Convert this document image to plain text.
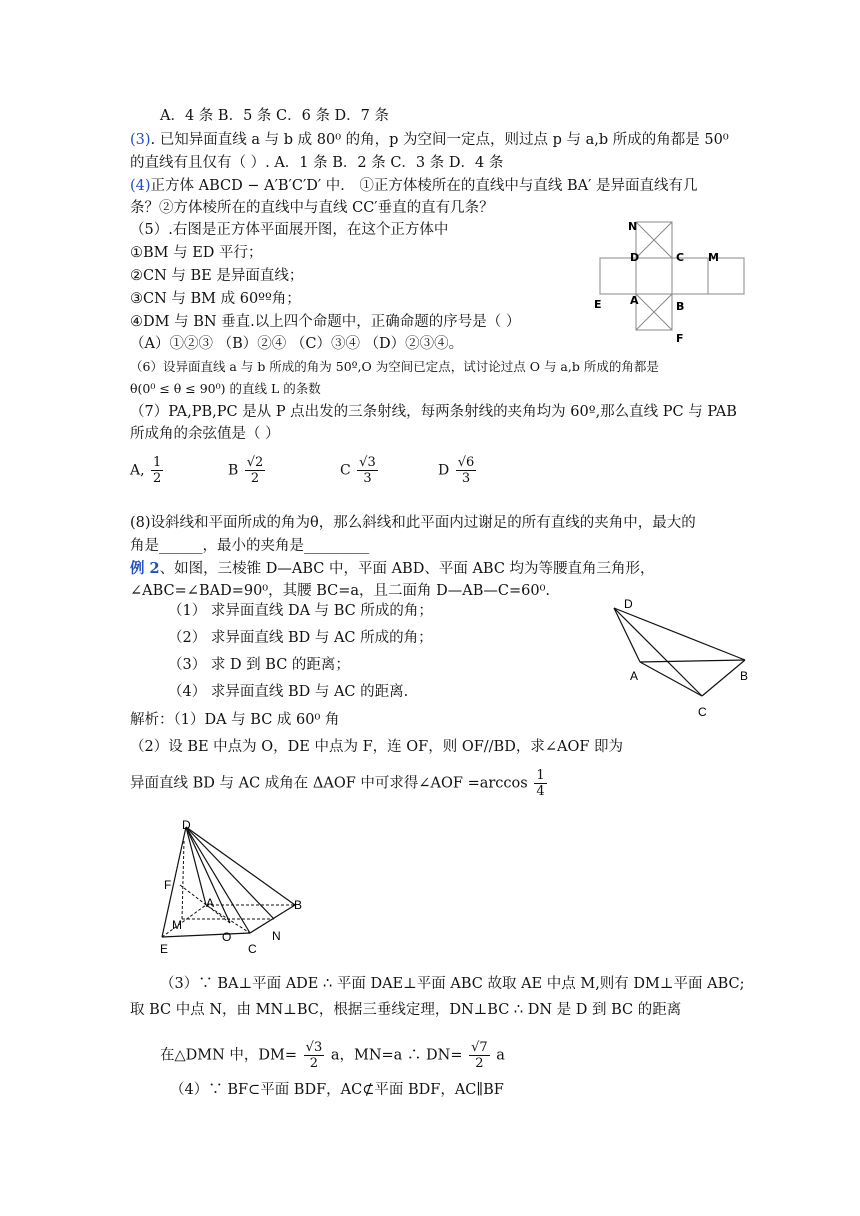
A．4 条 B．5 条 C．6 条 D．7 条
(3). 已知异面直线 a 与 b 成 80⁰ 的角，p 为空间一定点，则过点 p 与 a,b 所成的角都是 50⁰
的直线有且仅有（ ）. A．1 条 B．2 条 C．3 条 D．4 条
(4)正方体 ABCD − A′B′C′D′ 中． ①正方体棱所在的直线中与直线 BA′ 是异面直线有几
条？②方体棱所在的直线中与直线 CC′垂直的直有几条？
（5）.右图是正方体平面展开图，在这个正方体中
①BM 与 ED 平行；
②CN 与 BE 是异面直线；
③CN 与 BM 成 60ºº角；
④DM 与 BN 垂直.以上四个命题中，正确命题的序号是（ ）
（A）①②③ （B）②④ （C）③④ （D）②③④。
（6）设异面直线 a 与 b 所成的角为 50º,O 为空间已定点，试讨论过点 O 与 a,b 所成的角都是
θ(0⁰ ≤ θ ≤ 90⁰) 的直线 L 的条数
（7）PA,PB,PC 是从 P 点出发的三条射线，每两条射线的夹角均为 60º,那么直线 PC 与 PAB
所成角的余弦值是（ ）
A, $\frac{1}{2}$	B $\frac{√2}{2}$	C $\frac{√3}{3}$	D $\frac{√6}{3}$
(8)设斜线和平面所成的角为θ，那么斜线和此平面内过谢足的所有直线的夹角中，最大的
角是______，最小的夹角是_________
例 2、如图，三棱锥 D—ABC 中，平面 ABD、平面 ABC 均为等腰直角三角形，
∠ABC=∠BAD=90⁰，其腰 BC=a，且二面角 D—AB—C=60⁰.
（1） 求异面直线 DA 与 BC 所成的角；
（2） 求异面直线 BD 与 AC 所成的角；
（3） 求 D 到 BC 的距离；
（4） 求异面直线 BD 与 AC 的距离.
解析：（1）DA 与 BC 成 60⁰ 角
（2）设 BE 中点为 O，DE 中点为 F，连 OF，则 OF//BD，求∠AOF 即为
异面直线 BD 与 AC 成角在 ΔAOF 中可求得∠AOF $=\arccos \frac{1}{4}$
（3）∵ BA⊥平面 ADE ∴ 平面 DAE⊥平面 ABC 故取 AE 中点 M,则有 DM⊥平面 ABC;
取 BC 中点 N，由 MN⊥BC，根据三垂线定理，DN⊥BC ∴ DN 是 D 到 BC 的距离
在△DMN 中，$DM= \frac{√3}{2}$ a，MN=a ∴ $DN= \frac{√7}{2}$ a
（4）∵ BF⊂平面 BDF，AC⊄平面 BDF，AC∥BF
N
D	C M
E	A	B
F
D
A	B
C
D
F
A	B
M
E
O
C
N
